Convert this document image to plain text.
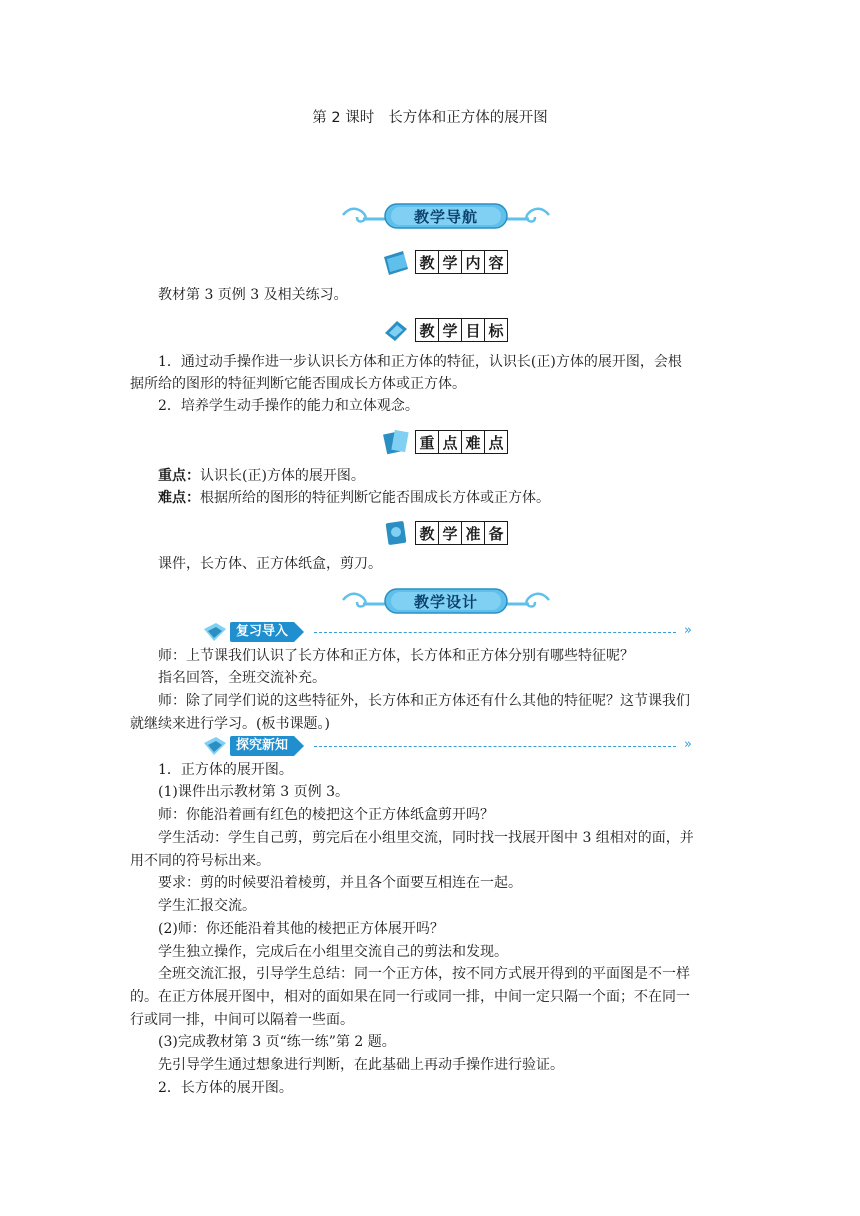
第 2 课时 长方体和正方体的展开图
教学导航
教 学 内 容
教材第 3 页例 3 及相关练习。
教 学 目 标
1．通过动手操作进一步认识长方体和正方体的特征，认识长(正)方体的展开图，会根
据所给的图形的特征判断它能否围成长方体或正方体。
2．培养学生动手操作的能力和立体观念。
重 点 难 点
重点：认识长(正)方体的展开图。
难点：根据所给的图形的特征判断它能否围成长方体或正方体。
教 学 准 备
课件，长方体、正方体纸盒，剪刀。
教学设计
复习导入	»
师：上节课我们认识了长方体和正方体，长方体和正方体分别有哪些特征呢？
指名回答，全班交流补充。
师：除了同学们说的这些特征外，长方体和正方体还有什么其他的特征呢？这节课我们
就继续来进行学习。(板书课题。)
探究新知	»
1．正方体的展开图。
(1)课件出示教材第 3 页例 3。
师：你能沿着画有红色的棱把这个正方体纸盒剪开吗？
学生活动：学生自己剪，剪完后在小组里交流，同时找一找展开图中 3 组相对的面，并
用不同的符号标出来。
要求：剪的时候要沿着棱剪，并且各个面要互相连在一起。
学生汇报交流。
(2)师：你还能沿着其他的棱把正方体展开吗？
学生独立操作，完成后在小组里交流自己的剪法和发现。
全班交流汇报，引导学生总结：同一个正方体，按不同方式展开得到的平面图是不一样
的。在正方体展开图中，相对的面如果在同一行或同一排，中间一定只隔一个面；不在同一
行或同一排，中间可以隔着一些面。
(3)完成教材第 3 页“练一练”第 2 题。
先引导学生通过想象进行判断，在此基础上再动手操作进行验证。
2．长方体的展开图。
